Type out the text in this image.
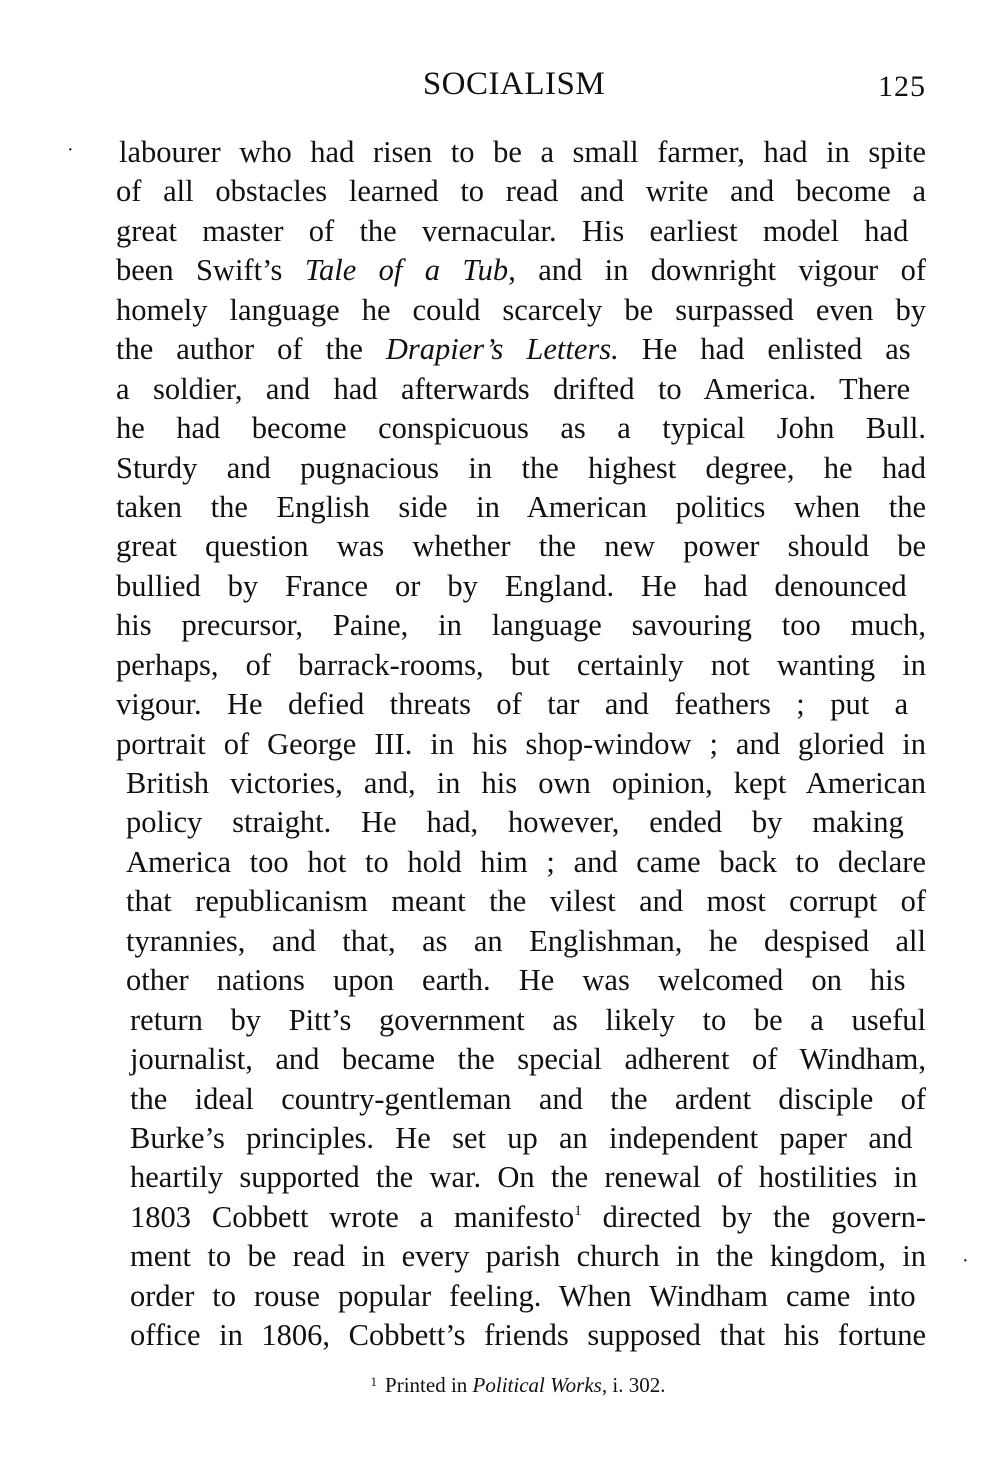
SOCIALISM	125
·
·
labourer who had risen to be a small farmer, had in spite
of all obstacles learned to read and write and become a
great master of the vernacular. His earliest model had
been Swift’s Tale of a Tub, and in downright vigour of
homely language he could scarcely be surpassed even by
the author of the Drapier’s Letters. He had enlisted as
a soldier, and had afterwards drifted to America. There
he had become conspicuous as a typical John Bull.
Sturdy and pugnacious in the highest degree, he had
taken the English side in American politics when the
great question was whether the new power should be
bullied by France or by England. He had denounced
his precursor, Paine, in language savouring too much,
perhaps, of barrack-rooms, but certainly not wanting in
vigour. He defied threats of tar and feathers ; put a
portrait of George III. in his shop-window ; and gloried in
British victories, and, in his own opinion, kept American
policy straight. He had, however, ended by making
America too hot to hold him ; and came back to declare
that republicanism meant the vilest and most corrupt of
tyrannies, and that, as an Englishman, he despised all
other nations upon earth. He was welcomed on his
return by Pitt’s government as likely to be a useful
journalist, and became the special adherent of Windham,
the ideal country-gentleman and the ardent disciple of
Burke’s principles. He set up an independent paper and
heartily supported the war. On the renewal of hostilities in
1803 Cobbett wrote a manifesto$^1$ directed by the govern-
ment to be read in every parish church in the kingdom, in
order to rouse popular feeling. When Windham came into
office in 1806, Cobbett’s friends supposed that his fortune
$^1$ Printed in Political Works, i. 302.
